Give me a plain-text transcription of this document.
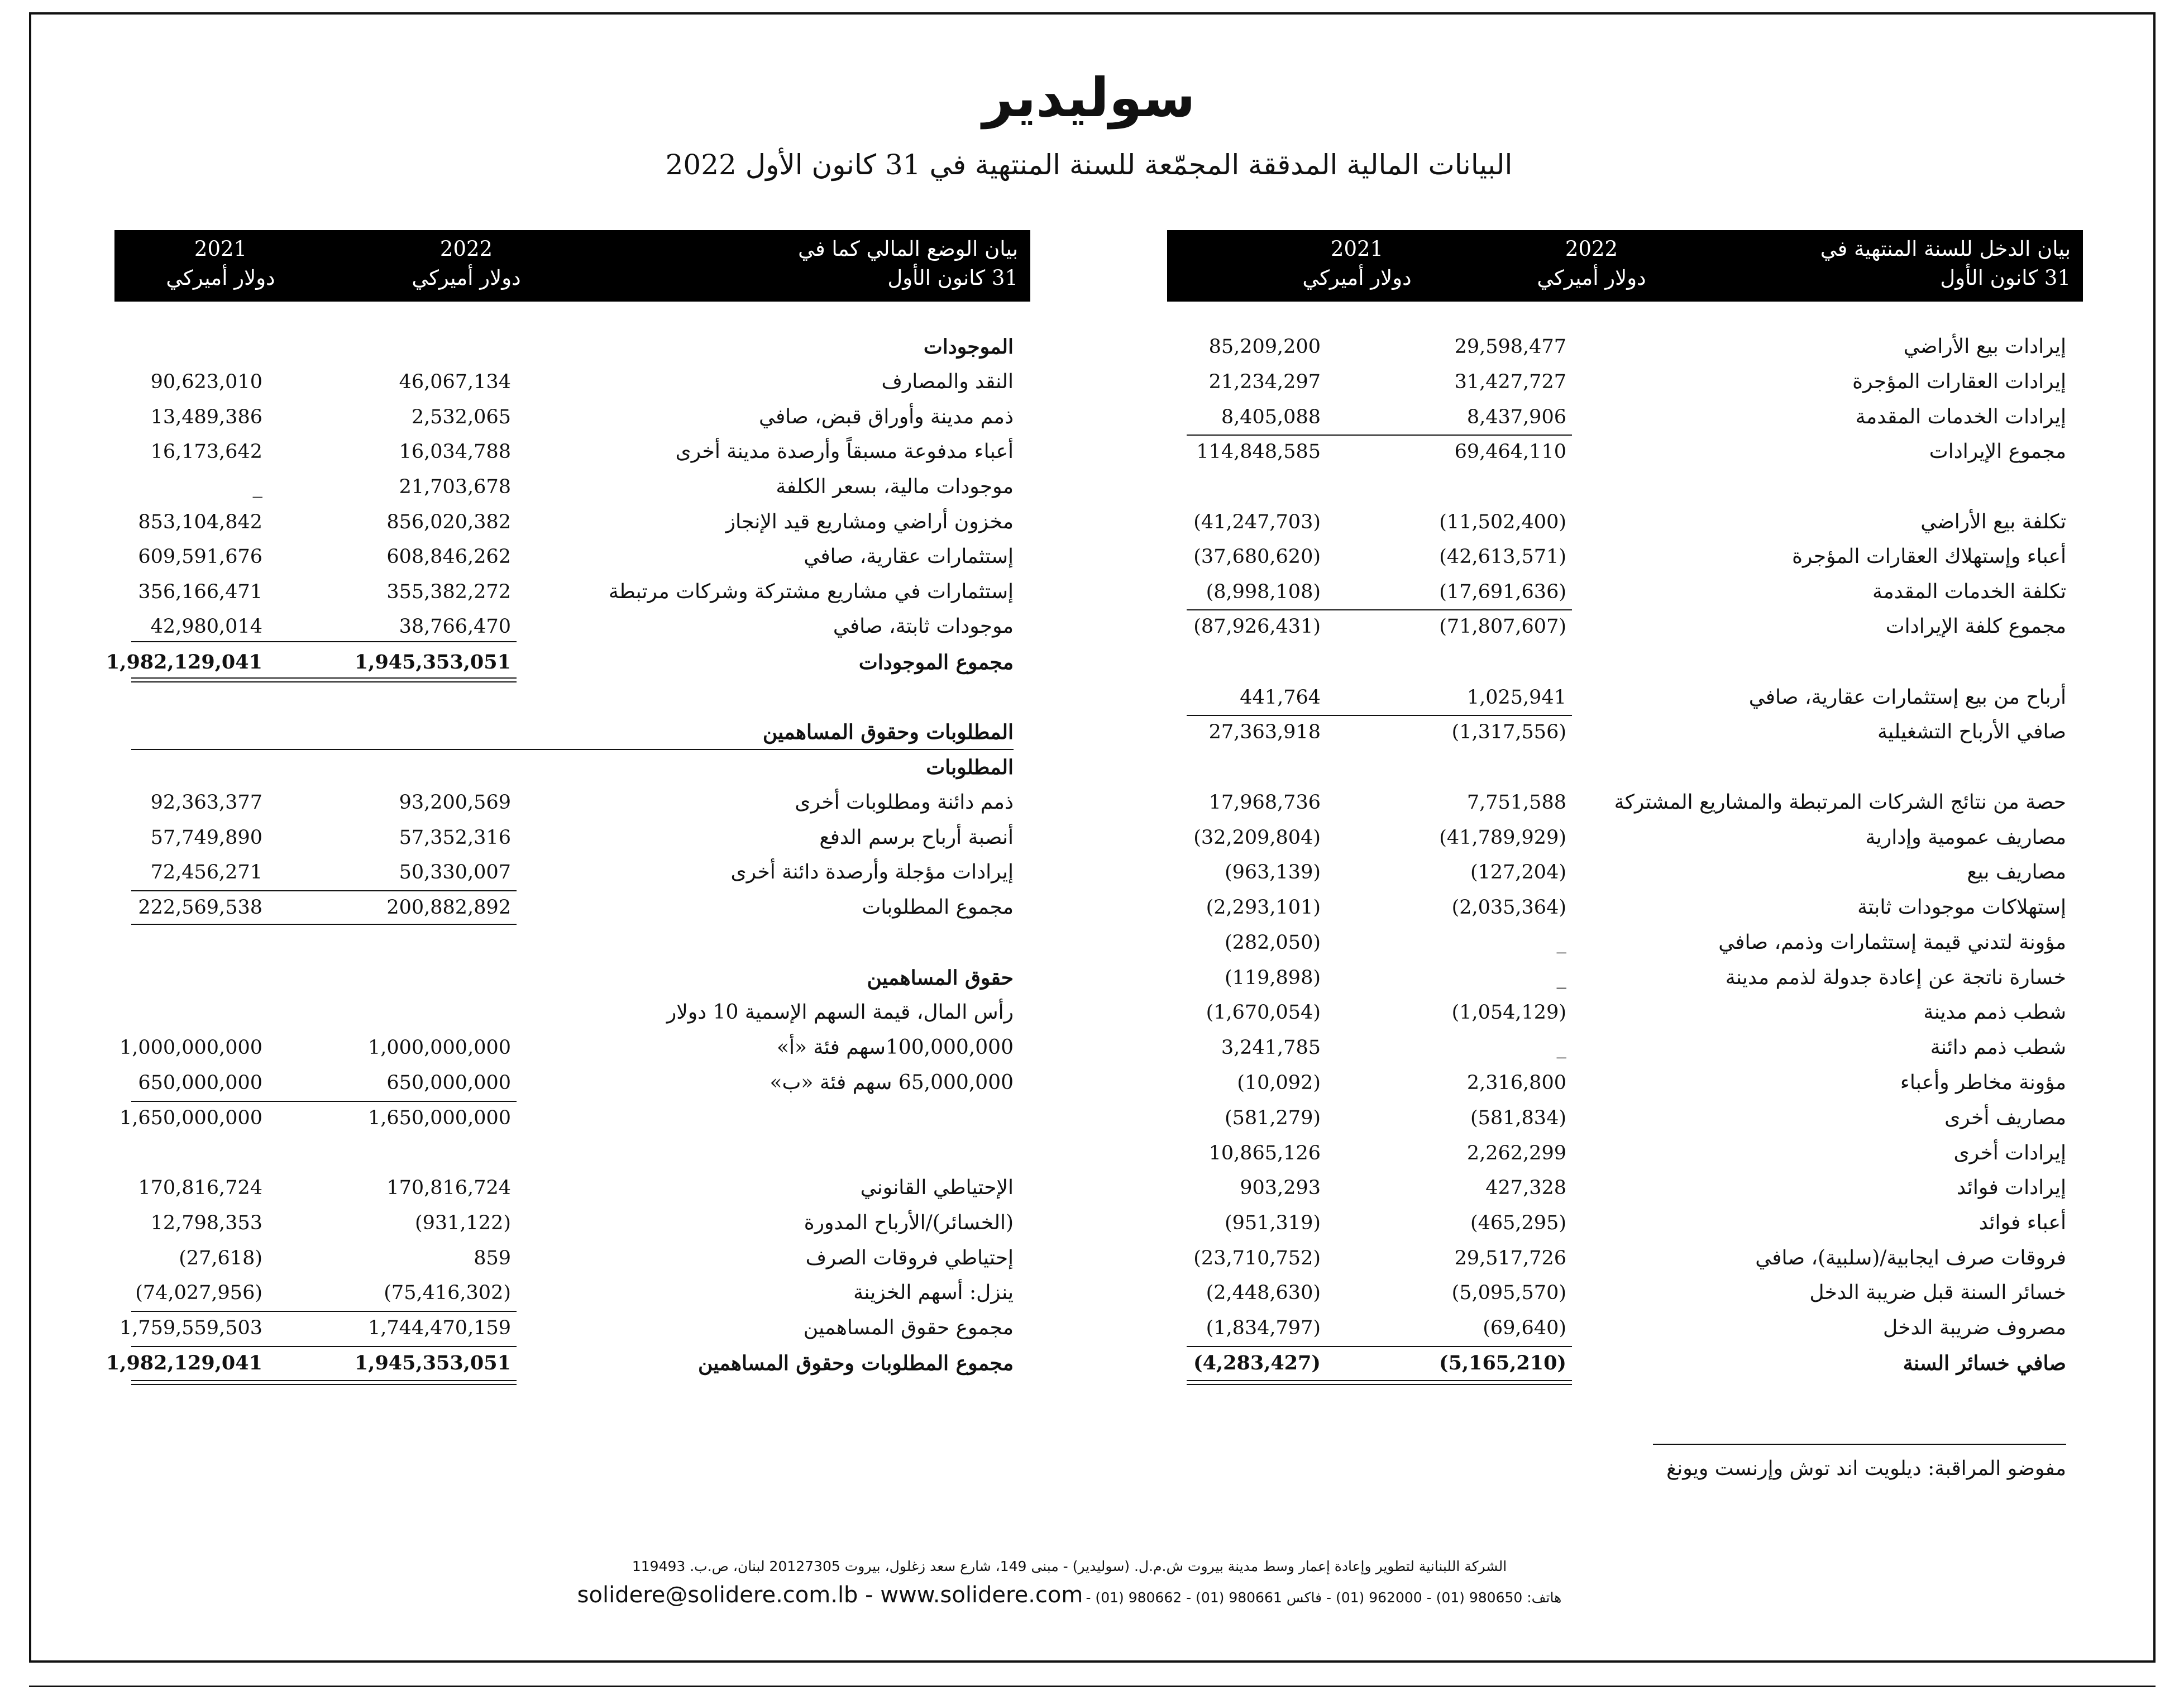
سوليدير
البيانات المالية المدققة المجمّعة للسنة المنتهية في 31 كانون الأول 2022
بيان الدخل للسنة المنتهية في
31 كانون الأول
2022
دولار أميركي
2021
دولار أميركي
إيرادات بيع الأراضي
29,598,477
85,209,200
إيرادات العقارات المؤجرة
31,427,727
21,234,297
إيرادات الخدمات المقدمة
8,437,906
8,405,088
مجموع الإيرادات
69,464,110
114,848,585
تكلفة بيع الأراضي
(11,502,400)
(41,247,703)
أعباء وإستهلاك العقارات المؤجرة
(42,613,571)
(37,680,620)
تكلفة الخدمات المقدمة
(17,691,636)
(8,998,108)
مجموع كلفة الإيرادات
(71,807,607)
(87,926,431)
أرباح من بيع إستثمارات عقارية، صافي
1,025,941
441,764
صافي الأرباح التشغيلية
(1,317,556)
27,363,918
حصة من نتائج الشركات المرتبطة والمشاريع المشتركة
7,751,588
17,968,736
مصاريف عمومية وإدارية
(41,789,929)
(32,209,804)
مصاريف بيع
(127,204)
(963,139)
إستهلاكات موجودات ثابتة
(2,035,364)
(2,293,101)
مؤونة لتدني قيمة إستثمارات وذمم، صافي
_
(282,050)
خسارة ناتجة عن إعادة جدولة لذمم مدينة
_
(119,898)
شطب ذمم مدينة
(1,054,129)
(1,670,054)
شطب ذمم دائنة
_
3,241,785
مؤونة مخاطر وأعباء
2,316,800
(10,092)
مصاريف أخرى
(581,834)
(581,279)
إيرادات أخرى
2,262,299
10,865,126
إيرادات فوائد
427,328
903,293
أعباء فوائد
(465,295)
(951,319)
فروقات صرف ايجابية/(سلبية)، صافي
29,517,726
(23,710,752)
خسائر السنة قبل ضريبة الدخل
(5,095,570)
(2,448,630)
مصروف ضريبة الدخل
(69,640)
(1,834,797)
صافي خسائر السنة
(5,165,210)
(4,283,427)
بيان الوضع المالي كما في
31 كانون الأول
2022
دولار أميركي
2021
دولار أميركي
الموجودات
النقد والمصارف
46,067,134
90,623,010
ذمم مدينة وأوراق قبض، صافي
2,532,065
13,489,386
أعباء مدفوعة مسبقاً وأرصدة مدينة أخرى
16,034,788
16,173,642
موجودات مالية، بسعر الكلفة
21,703,678
_
مخزون أراضي ومشاريع قيد الإنجاز
856,020,382
853,104,842
إستثمارات عقارية، صافي
608,846,262
609,591,676
إستثمارات في مشاريع مشتركة وشركات مرتبطة
355,382,272
356,166,471
موجودات ثابتة، صافي
38,766,470
42,980,014
مجموع الموجودات
1,945,353,051
1,982,129,041
المطلوبات وحقوق المساهمين
المطلوبات
ذمم دائنة ومطلوبات أخرى
93,200,569
92,363,377
أنصبة أرباح برسم الدفع
57,352,316
57,749,890
إيرادات مؤجلة وأرصدة دائنة أخرى
50,330,007
72,456,271
مجموع المطلوبات
200,882,892
222,569,538
حقوق المساهمين
رأس المال، قيمة السهم الإسمية 10 دولار
100,000,000سهم فئة «أ»
1,000,000,000
1,000,000,000
65,000,000 سهم فئة «ب»
650,000,000
650,000,000
1,650,000,000
1,650,000,000
الإحتياطي القانوني
170,816,724
170,816,724
(الخسائر)/الأرباح المدورة
(931,122)
12,798,353
إحتياطي فروقات الصرف
859
(27,618)
ينزل: أسهم الخزينة
(75,416,302)
(74,027,956)
مجموع حقوق المساهمين
1,744,470,159
1,759,559,503
مجموع المطلوبات وحقوق المساهمين
1,945,353,051
1,982,129,041
مفوضو المراقبة: ديلويت اند توش وإرنست ويونغ
الشركة اللبنانية لتطوير وإعادة إعمار وسط مدينة بيروت ش.م.ل. (سوليدير) - مبنى 149، شارع سعد زغلول، بيروت 20127305 لبنان، ص.ب. 119493
هاتف: 980650 (01) - 962000 (01) - فاكس 980661 (01) - 980662 (01) - solidere@solidere.com.lb - www.solidere.com
